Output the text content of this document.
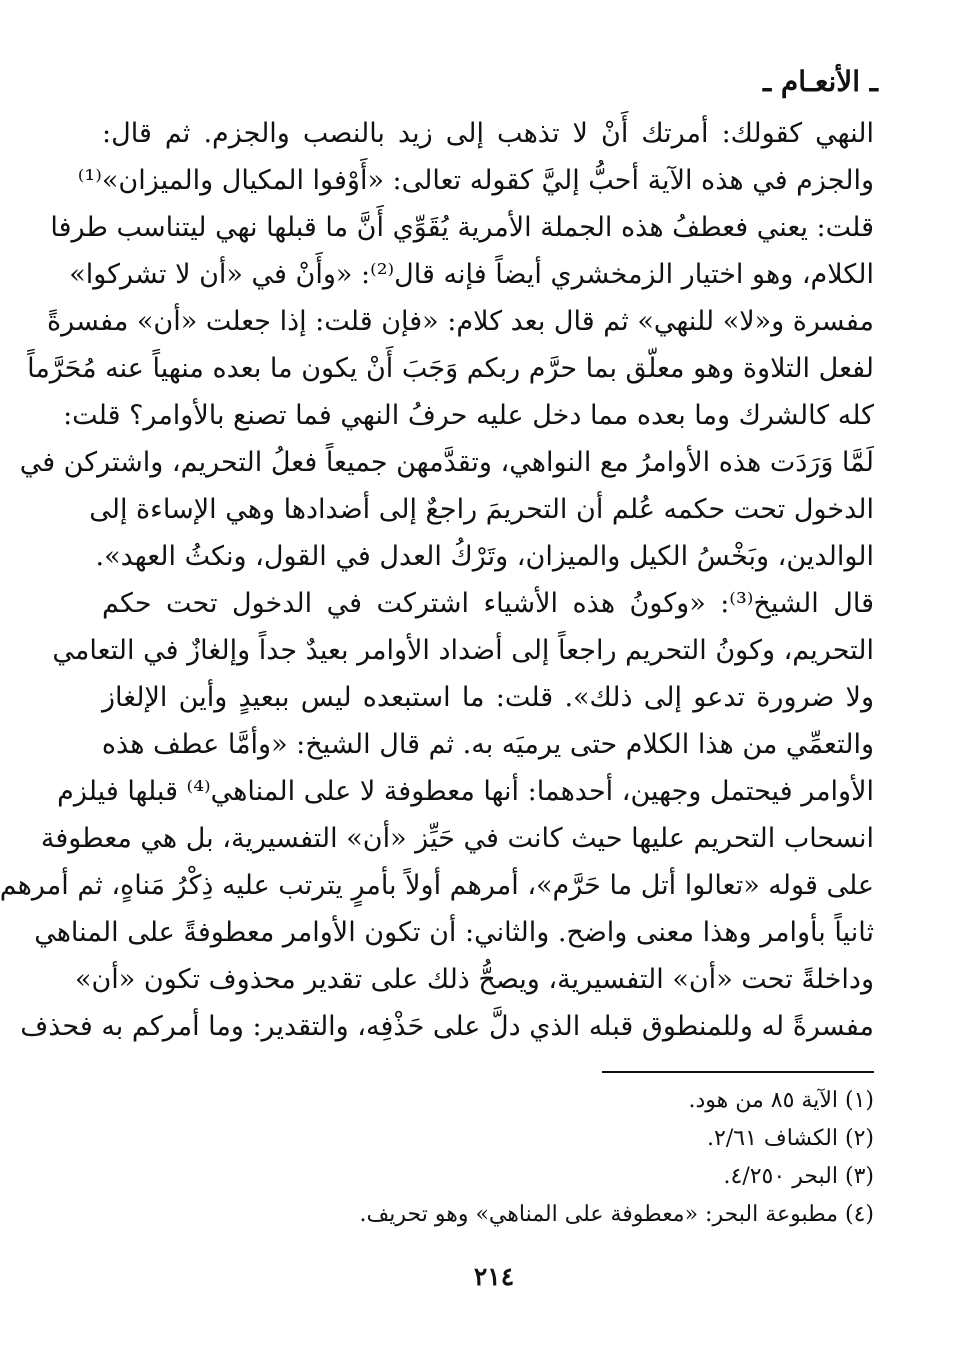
ـ الأنعـام ـ
النهي كقولك: أمرتك أَنْ لا تذهب إلى زيد بالنصب والجزم. ثم قال:
والجزم في هذه الآية أحبُّ إليَّ كقوله تعالى: «أَوْفوا المكيال والميزان»⁽¹⁾
قلت: يعني فعطفُ هذه الجملة الأمرية يُقَوِّي أَنَّ ما قبلها نهي ليتناسب طرفا
الكلام، وهو اختيار الزمخشري أيضاً فإنه قال⁽²⁾: «وأَنْ في «أن لا تشركوا»
مفسرة و«لا» للنهي» ثم قال بعد كلام: «فإن قلت: إذا جعلت «أن» مفسرةً
لفعل التلاوة وهو معلّق بما حرَّم ربكم وَجَبَ أَنْ يكون ما بعده منهياً عنه مُحَرَّماً
كله كالشرك وما بعده مما دخل عليه حرفُ النهي فما تصنع بالأوامر؟ قلت:
لَمَّا وَرَدَت هذه الأوامرُ مع النواهي، وتقدَّمهن جميعاً فعلُ التحريم، واشتركن في
الدخول تحت حكمه عُلم أن التحريمَ راجعٌ إلى أضدادها وهي الإساءة إلى
الوالدين، وبَخْسُ الكيل والميزان، وتَرْكُ العدل في القول، ونكثُ العهد».
قال الشيخ⁽³⁾: «وكونُ هذه الأشياء اشتركت في الدخول تحت حكم
التحريم، وكونُ التحريم راجعاً إلى أضداد الأوامر بعيدٌ جداً وإلغازٌ في التعامي
ولا ضرورة تدعو إلى ذلك». قلت: ما استبعده ليس ببعيدٍ وأين الإلغاز
والتعمِّي من هذا الكلام حتى يرميَه به. ثم قال الشيخ: «وأمَّا عطف هذه
الأوامر فيحتمل وجهين، أحدهما: أنها معطوفة لا على المناهي⁽⁴⁾ قبلها فيلزم
انسحاب التحريم عليها حيث كانت في حَيِّز «أن» التفسيرية، بل هي معطوفة
على قوله «تعالوا أتل ما حَرَّم»، أمرهم أولاً بأمرٍ يترتب عليه ذِكْرُ مَناهٍ، ثم أمرهم
ثانياً بأوامر وهذا معنى واضح. والثاني: أن تكون الأوامر معطوفةً على المناهي
وداخلةً تحت «أن» التفسيرية، ويصحُّ ذلك على تقدير محذوف تكون «أن»
مفسرةً له وللمنطوق قبله الذي دلَّ على حَذْفِه، والتقدير: وما أمركم به فحذف
(١) الآية ٨٥ من هود.
(٢) الكشاف ٢/٦١.
(٣) البحر ٤/٢٥٠.
(٤) مطبوعة البحر: «معطوفة على المناهي» وهو تحريف.
٢١٤
